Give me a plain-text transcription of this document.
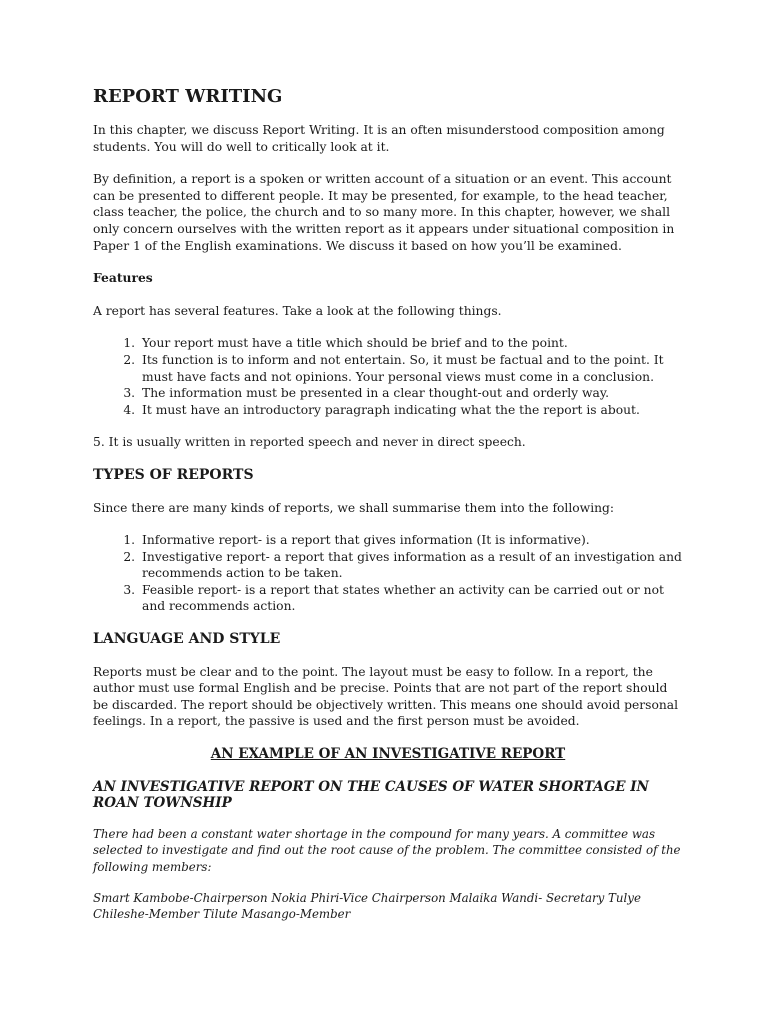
REPORT WRITING

In this chapter, we discuss Report Writing. It is an often misunderstood composition among students. You will do well to critically look at it.

By definition, a report is a spoken or written account of a situation or an event. This account can be presented to different people. It may be presented, for example, to the head teacher, class teacher, the police, the church and to so many more. In this chapter, however, we shall only concern ourselves with the written report as it appears under situational composition in Paper 1 of the English examinations. We discuss it based on how you’ll be examined.

Features

A report has several features. Take a look at the following things.

1. Your report must have a title which should be brief and to the point.
2. Its function is to inform and not entertain. So, it must be factual and to the point. It must have facts and not opinions. Your personal views must come in a conclusion.
3. The information must be presented in a clear thought-out and orderly way.
4. It must have an introductory paragraph indicating what the the report is about.

5. It is usually written in reported speech and never in direct speech.

TYPES OF REPORTS

Since there are many kinds of reports, we shall summarise them into the following:

1. Informative report- is a report that gives information (It is informative).
2. Investigative report- a report that gives information as a result of an investigation and recommends action to be taken.
3. Feasible report- is a report that states whether an activity can be carried out or not and recommends action.
LANGUAGE AND STYLE

Reports must be clear and to the point. The layout must be easy to follow. In a report, the author must use formal English and be precise. Points that are not part of the report should be discarded. The report should be objectively written. This means one should avoid personal feelings. In a report, the passive is used and the first person must be avoided.

AN EXAMPLE OF AN INVESTIGATIVE REPORT
AN INVESTIGATIVE REPORT ON THE CAUSES OF WATER SHORTAGE IN ROAN TOWNSHIP

There had been a constant water shortage in the compound for many years. A committee was selected to investigate and find out the root cause of the problem. The committee consisted of the following members:

Smart Kambobe-Chairperson Nokia Phiri-Vice Chairperson Malaika Wandi- Secretary Tulye Chileshe-Member Tilute Masango-Member
